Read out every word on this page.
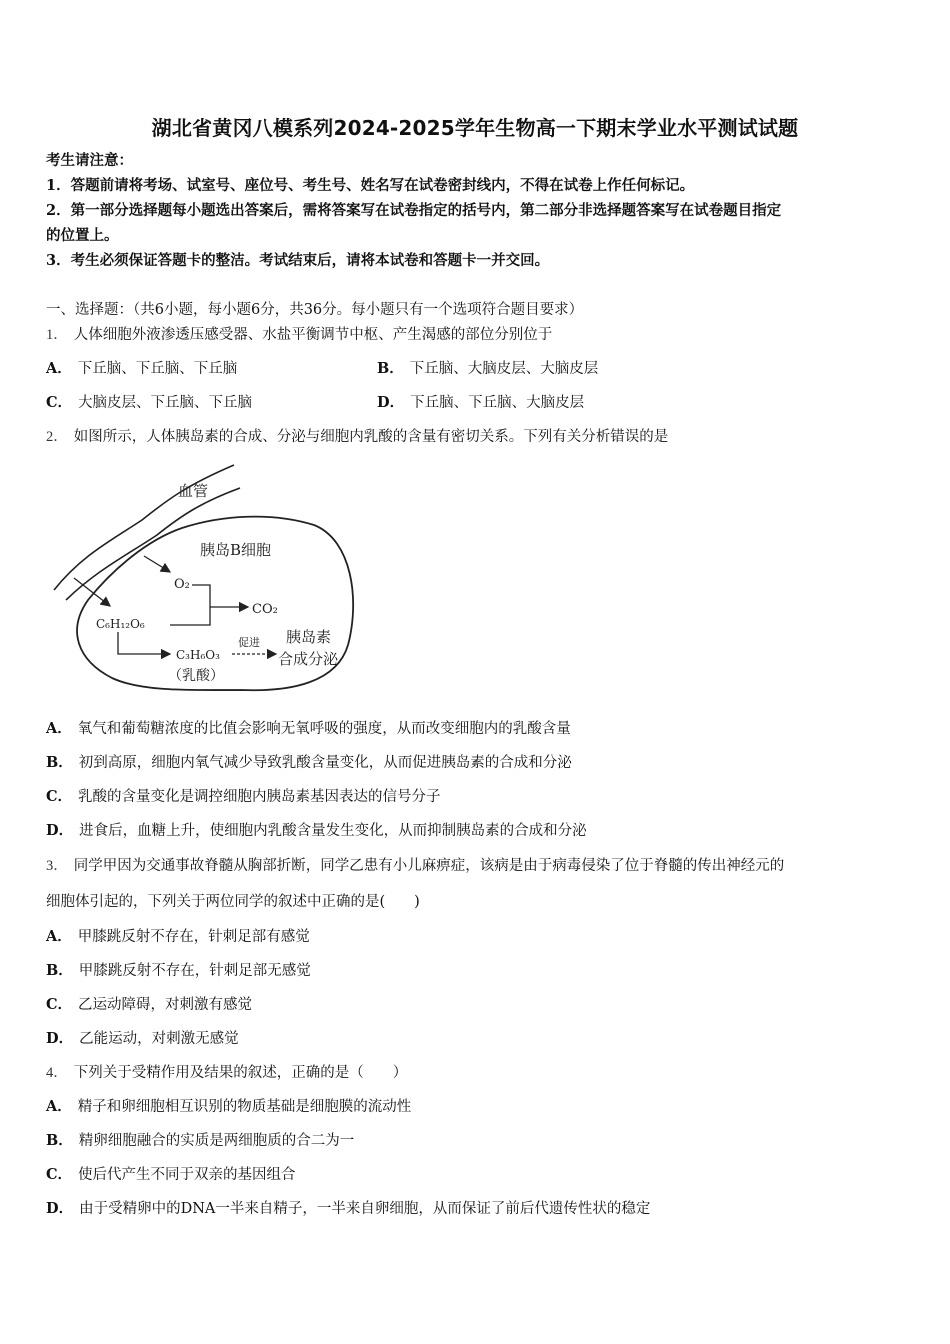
湖北省黄冈八模系列2024-2025学年生物高一下期末学业水平测试试题
考生请注意：
1．答题前请将考场、试室号、座位号、考生号、姓名写在试卷密封线内，不得在试卷上作任何标记。
2．第一部分选择题每小题选出答案后，需将答案写在试卷指定的括号内，第二部分非选择题答案写在试卷题目指定
的位置上。
3．考生必须保证答题卡的整洁。考试结束后，请将本试卷和答题卡一并交回。
一、选择题：（共6小题，每小题6分，共36分。每小题只有一个选项符合题目要求）
1． 人体细胞外液渗透压感受器、水盐平衡调节中枢、产生渴感的部位分别位于
A． 下丘脑、下丘脑、下丘脑	B． 下丘脑、大脑皮层、大脑皮层
C． 大脑皮层、下丘脑、下丘脑	D． 下丘脑、下丘脑、大脑皮层
2． 如图所示，人体胰岛素的合成、分泌与细胞内乳酸的含量有密切关系。下列有关分析错误的是
血管
胰岛B细胞
O₂
C₆H₁₂O₆
CO₂
C₃H₆O₃
（乳酸）
促进 胰岛素
合成分泌
A． 氧气和葡萄糖浓度的比值会影响无氧呼吸的强度，从而改变细胞内的乳酸含量
B． 初到高原，细胞内氧气减少导致乳酸含量变化，从而促进胰岛素的合成和分泌
C． 乳酸的含量变化是调控细胞内胰岛素基因表达的信号分子
D． 进食后，血糖上升，使细胞内乳酸含量发生变化，从而抑制胰岛素的合成和分泌
3． 同学甲因为交通事故脊髓从胸部折断，同学乙患有小儿麻痹症，该病是由于病毒侵染了位于脊髓的传出神经元的
细胞体引起的，下列关于两位同学的叙述中正确的是(　　)
A． 甲膝跳反射不存在，针刺足部有感觉
B． 甲膝跳反射不存在，针刺足部无感觉
C． 乙运动障碍，对刺激有感觉
D． 乙能运动，对刺激无感觉
4． 下列关于受精作用及结果的叙述，正确的是（　　）
A． 精子和卵细胞相互识别的物质基础是细胞膜的流动性
B． 精卵细胞融合的实质是两细胞质的合二为一
C． 使后代产生不同于双亲的基因组合
D． 由于受精卵中的DNA一半来自精子，一半来自卵细胞，从而保证了前后代遗传性状的稳定
